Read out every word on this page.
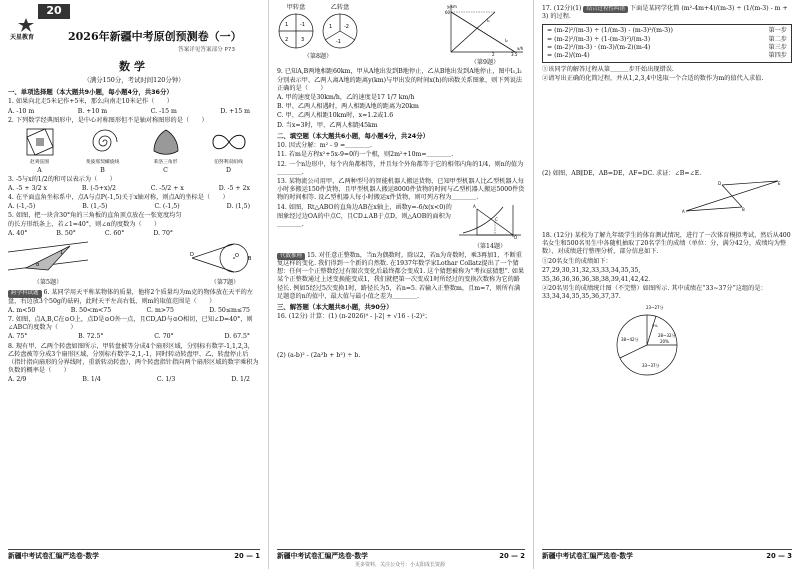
20
天星教育	2026年新疆中考原创预测卷（一）
答案详见答案部分 P73
数学
（满分150分，考试时间120分钟）
一、单项选择题（本大题共9小题，每小题4分，共36分）
1. 如果向北走5米记作+5米，那么向南走10米记作（　　）
A. -10 m	B. +10 m	C. -15 m	D. +15 m
2. 下列数学经典图形中，是中心对称图形但不是轴对称图形的是（　　）
赵爽弦图
A
斐波那契螺旋线
B
莱洛三角形
C
伯努利双纽线
D
3. -5与x的1/2的和可以表示为（　　）
A. -5 + 3/2 x	B. (-5+x)/2	C. -5/2 + x	D. -5 + 2x
4. 在平面直角坐标系中，点A与点P(-1,5)关于x轴对称，则点A的坐标是（　　）
A. (-1,-5)	B. (1,-5)	C. (-1,5)	D. (1,5)
5. 如图，把一块含30°角的三角板的直角顶点放在一张宽度均匀的长方形纸条上，若∠1=40°，则∠α的度数为（　　）
A. 40°	B. 50°	C. 60°	D. 70°
α
1
（第5题）
D	O B
（第7题）
跨学科试题 6. 某同学用天平称某物体的质量，他将2个质量均为m克的物体放在天平的左盘，右边放3个50g的砝码，此时天平左高右低，则m的取值范围是（　　）
A. m<50	B. 50<m<75	C. m>75	D. 50≤m≤75
7. 如图，点A,B,C在⊙O上，点D是⊙O外一点，且CD,AD与⊙O相切，已知∠D=40°，则∠ABC的度数为（　　）
A. 75°	B. 72.5°	C. 70°	D. 67.5°
8. 现有甲、乙两个转盘如图所示，甲转盘被等分成4个扇形区域，分别标有数字-1,1,2,3，乙转盘被等分成3个扇形区域，分别标有数字-2,1,-1，同时转动转盘甲、乙，转盘停止后（指针指向扇形的分界线时，重新转动转盘），两个转盘指针指向两个扇形区域的数字乘积为负数的概率是（　　）
A. 2/9	B. 1/4	C. 1/3	D. 1/2
新疆中考试卷汇编严选卷·数学	20 — 1
甲转盘
1 -1
2	3
乙转盘
1 -2
-1
（第8题）
60
y/km
l₁
l₂
x/h
2	3.5
（第9题）
9. 已知A,B两地相距60km，甲从A地出发到B地停止，乙从B地出发到A地停止，图中l₁,l₂分别表示甲、乙两人离A地的距离y(km)与甲出发的时间x(h)的函数关系图象，则下列说法正确的是（　　）
A. 甲的速度是30km/h，乙的速度是17 1/7 km/h
B. 甲、乙两人相遇时，两人相距A地的距离为20km
C. 甲、乙两人相距10km时，x=1.2或1.6
D. 当x=3时，甲、乙两人相距45km
二、填空题（本大题共6小题，每小题4分，共24分）
10. 因式分解：m² - 9 =＿＿＿＿.
11. 若m是方程x²+5x-9=0的一个根，则2m²+10m=＿＿＿＿.
12. 一个n边形中，每个内角都相等，并且每个外角都等于它的相邻内角的1/4，则n的值为＿＿＿＿.
13. 某物流公司用甲、乙两种型号的智能机器人搬运货物，已知甲型机器人比乙型机器人每小时多搬运150件货物，且甲型机器人搬运8000件货物的时间与乙型机器人搬运5000件货物的时间相等. 设乙型机器人每小时搬运x件货物，则可列方程为＿＿＿＿.
14. 如图，Rt△ABO的直角边AB在x轴上，函数y=-6/x(x<0)的图象经过边OA的中点C，且CD⊥AB于点D，则△AOB的面积为＿＿＿＿.
A
C
O
（第14题）
代数推理 15. 对任意正整数n，当n为偶数时，除以2，若n为奇数时，乘3再加1，不断重复这样的变化. 我们得到一个新的自然数. 在1937年数学家Lothar Collatz提出了一个猜想：任何一个正整数经过有限次变化后最终都会变成1. 这个猜想被称为“考拉兹猜想”. 如果某个正整数通过上述变换能变成1，我们就把第一次变成1时所经过的变换次数称为它的路径长. 例如5经过5次变换1时，路径长为5，若n=5. 若输入正整数m，且m=7，则所有满足题意的n的值中，最大值与最小值之差为＿＿＿＿.
三、解答题（本大题共8小题，共90分）
16. (12分) 计算：(1) (π-2026)⁰ - |-2| + √16 - (-2)²；
(2) (a-b)² - (2a²b + b²) ÷ b.
新疆中考试卷汇编严选卷·数学	20 — 2
17. (12分)(1) 结合过程性纠错 下面是某同学化简 (m²-4m+4)/(m-3) ÷ (1/(m-3) - m + 3) 的过程.
= (m-2)²/(m-3) ÷ (1/(m-3) - (m-3)²/(m-3))	第一步
= (m-2)²/(m-3) ÷ (1-(m-3)²)/(m-3)	第二步
= (m-2)²/(m-3) · (m-3)/(m-2)(m-4)	第三步
= (m-2)/(m-4)	第四步
①该同学的解答过程从第＿＿＿步开始出现错误.
②请写出正确的化简过程，并从1,2,3,4中选取一个合适的数作为m的值代入求值.
(2) 如图，AB∥DE，AB=DE，AF=DC. 求证：∠B=∠E.
A
D
B
E
18. (12分) 某校为了解九年级学生的体育测试情况，进行了一次体育模拟考试，然后从400名女生和500名男生中各随机抽取了20名学生的成绩（单位：分，满分42分，成绩均为整数），对成绩进行整理分析，部分信息如下.
①20名女生的成绩如下：
27,29,30,31,32,33,33,34,35,35,
35,36,36,36,36,38,38,39,41,42,42.
②20名男生的成绩统计图（不完整）如图所示. 其中成绩在“33~37分”这组的是：33,34,34,35,35,36,37,37.
23~27分
5%
28~32分
20%
38~42分
33~37分
新疆中考试卷汇编严选卷·数学	20 — 3
更多资料，关注公众号：小太阳成长资源
